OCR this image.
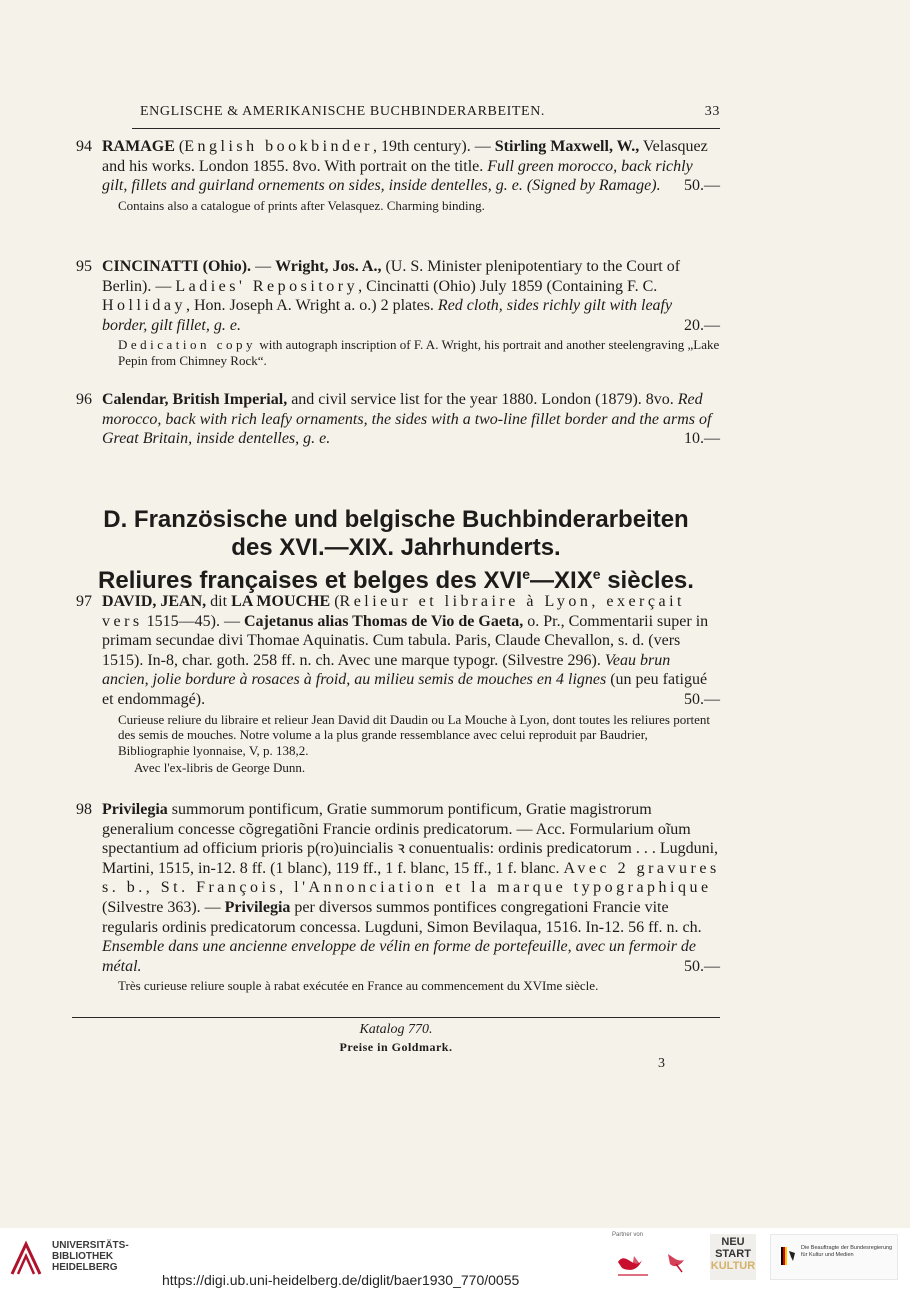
ENGLISCHE & AMERIKANISCHE BUCHBINDERARBEITEN.	33
94 RAMAGE (English bookbinder, 19th century). — Stirling Maxwell, W., Velasquez and his works. London 1855. 8vo. With portrait on the title. Full green morocco, back richly gilt, fillets and guirland ornements on sides, inside dentelles, g. e. (Signed by Ramage). 50.—
Contains also a catalogue of prints after Velasquez. Charming binding.
95 CINCINATTI (Ohio). — Wright, Jos. A., (U. S. Minister plenipotentiary to the Court of Berlin). — Ladies' Repository, Cincinatti (Ohio) July 1859 (Containing F. C. Holliday, Hon. Joseph A. Wright a. o.) 2 plates. Red cloth, sides richly gilt with leafy border, gilt fillet, g. e.	20.—
Dedication copy with autograph inscription of F. A. Wright, his portrait and another steelengraving „Lake Pepin from Chimney Rock“.
96 Calendar, British Imperial, and civil service list for the year 1880. London (1879). 8vo. Red morocco, back with rich leafy ornaments, the sides with a two-line fillet border and the arms of Great Britain, inside dentelles, g. e.	10.—
D. Französische und belgische Buchbinderarbeiten
des XVI.—XIX. Jahrhunderts.
Reliures françaises et belges des XVIe—XIXe siècles.
97 DAVID, JEAN, dit LA MOUCHE (Relieur et libraire à Lyon, exerçait vers 1515—45). — Cajetanus alias Thomas de Vio de Gaeta, o. Pr., Commentarii super in primam secundae divi Thomae Aquinatis. Cum tabula. Paris, Claude Chevallon, s. d. (vers 1515). In-8, char. goth. 258 ff. n. ch. Avec une marque typogr. (Silvestre 296). Veau brun ancien, jolie bordure à rosaces à froid, au milieu semis de mouches en 4 lignes (un peu fatigué et endommagé).	50.—
Curieuse reliure du libraire et relieur Jean David dit Daudin ou La Mouche à Lyon, dont toutes les reliures portent des semis de mouches. Notre volume a la plus grande ressemblance avec celui reproduit par Baudrier, Bibliographie lyonnaise, V, p. 138,2.
Avec l'ex-libris de George Dunn.
98 Privilegia summorum pontificum, Gratie summorum pontificum, Gratie magistrorum generalium concesse cõgregatiõni Francie ordinis predicatorum. — Acc. Formularium oĩum spectantium ad officium prioris p(ro)uincialis ꝛ conuentualis: ordinis predicatorum . . . Lugduni, Martini, 1515, in-12. 8 ff. (1 blanc), 119 ff., 1 f. blanc, 15 ff., 1 f. blanc. Avec 2 gravures s. b., St. François, l'Annonciation et la marque typographique (Silvestre 363). — Privilegia per diversos summos pontifices congregationi Francie vite regularis ordinis predicatorum concessa. Lugduni, Simon Bevilaqua, 1516. In-12. 56 ff. n. ch. Ensemble dans une ancienne enveloppe de vélin en forme de portefeuille, avec un fermoir de métal.	50.—
Très curieuse reliure souple à rabat exécutée en France au commencement du XVIme siècle.
Katalog 770.
Preise in Goldmark.
3
UNIVERSITÄTS-
BIBLIOTHEK
HEIDELBERG
https://digi.ub.uni-heidelberg.de/diglit/baer1930_770/0055
Partner von
NEU
START
KULTUR
Die Beauftragte der Bundesregierung für Kultur und Medien
